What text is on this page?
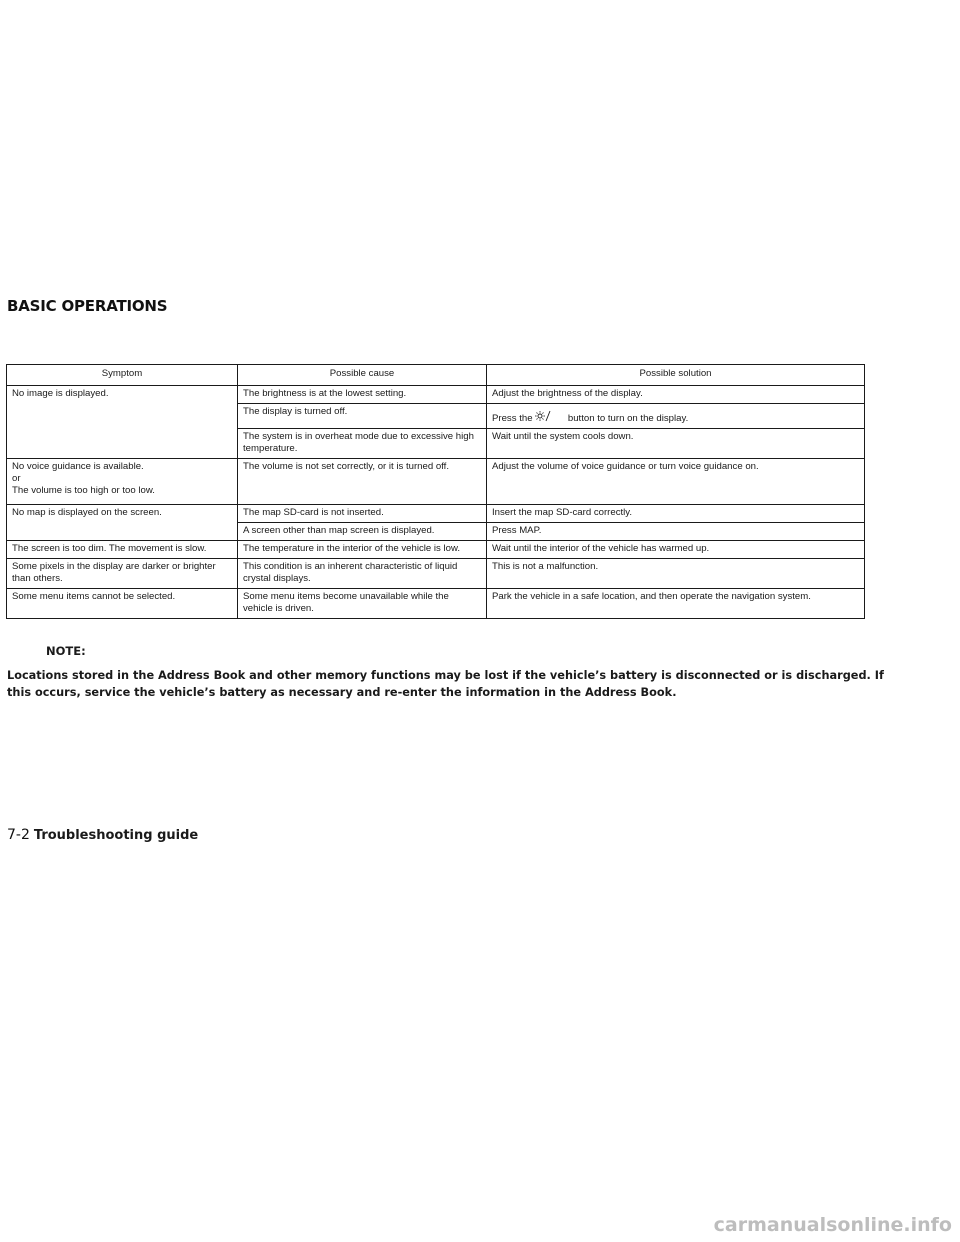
BASIC OPERATIONS
Symptom	Possible cause	Possible solution
No image is displayed.	The brightness is at the lowest setting.	Adjust the brightness of the display.
	The display is turned off.	Press the button to turn on the display.
	The system is in overheat mode due to excessive high temperature.	Wait until the system cools down.
No voice guidance is available.
or
The volume is too high or too low.	The volume is not set correctly, or it is turned off.	Adjust the volume of voice guidance or turn voice guidance on.
No map is displayed on the screen.	The map SD-card is not inserted.	Insert the map SD-card correctly.
	A screen other than map screen is displayed.	Press MAP.
The screen is too dim. The movement is slow.	The temperature in the interior of the vehicle is low.	Wait until the interior of the vehicle has warmed up.
Some pixels in the display are darker or brighter than others.	This condition is an inherent characteristic of liquid crystal displays.	This is not a malfunction.
Some menu items cannot be selected.	Some menu items become unavailable while the vehicle is driven.	Park the vehicle in a safe location, and then operate the navigation system.
NOTE:

Locations stored in the Address Book and other memory functions may be lost if the vehicle’s battery is disconnected or is discharged. If this occurs, service the vehicle’s battery as necessary and re-enter the information in the Address Book.

7-2 Troubleshooting guide
carmanualsonline.info
